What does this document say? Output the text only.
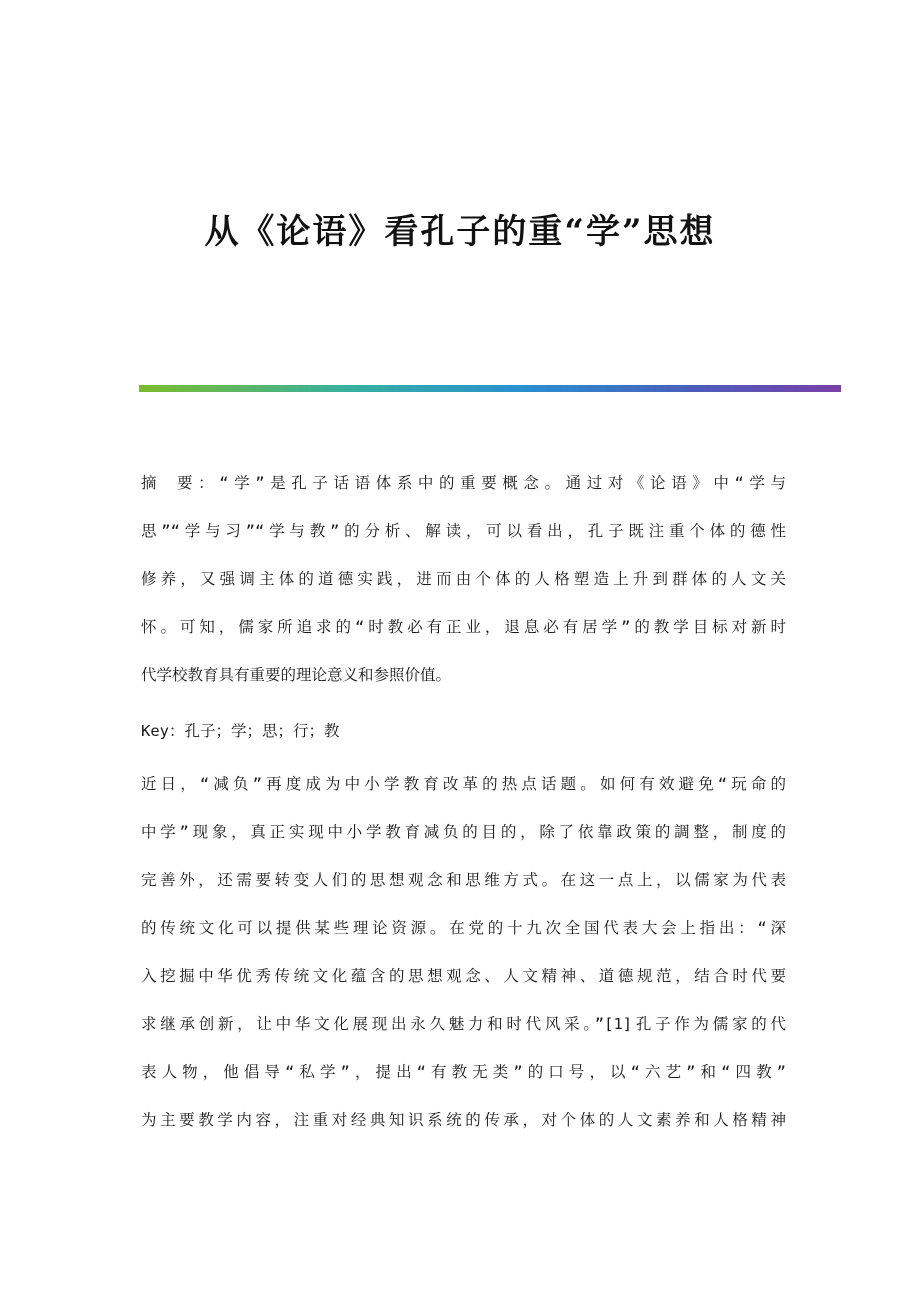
从《论语》看孔子的重“学”思想
摘 要：“学”是孔子话语体系中的重要概念。通过对《论语》中“学与
思”“学与习”“学与教”的分析、解读，可以看出，孔子既注重个体的德性
修养，又强调主体的道德实践，进而由个体的人格塑造上升到群体的人文关
怀。可知，儒家所追求的“时教必有正业，退息必有居学”的教学目标对新时
代学校教育具有重要的理论意义和参照价值。
Key：孔子；学；思；行；教
近日，“减负”再度成为中小学教育改革的热点话题。如何有效避免“玩命的
中学”现象，真正实现中小学教育减负的目的，除了依靠政策的調整，制度的
完善外，还需要转变人们的思想观念和思维方式。在这一点上，以儒家为代表
的传统文化可以提供某些理论资源。在党的十九次全国代表大会上指出：“深
入挖掘中华优秀传统文化蕴含的思想观念、人文精神、道德规范，结合时代要
求继承创新，让中华文化展现出永久魅力和时代风采。”[1]孔子作为儒家的代
表人物，他倡导“私学”，提出“有教无类”的口号，以“六艺”和“四教”
为主要教学内容，注重对经典知识系统的传承，对个体的人文素养和人格精神
